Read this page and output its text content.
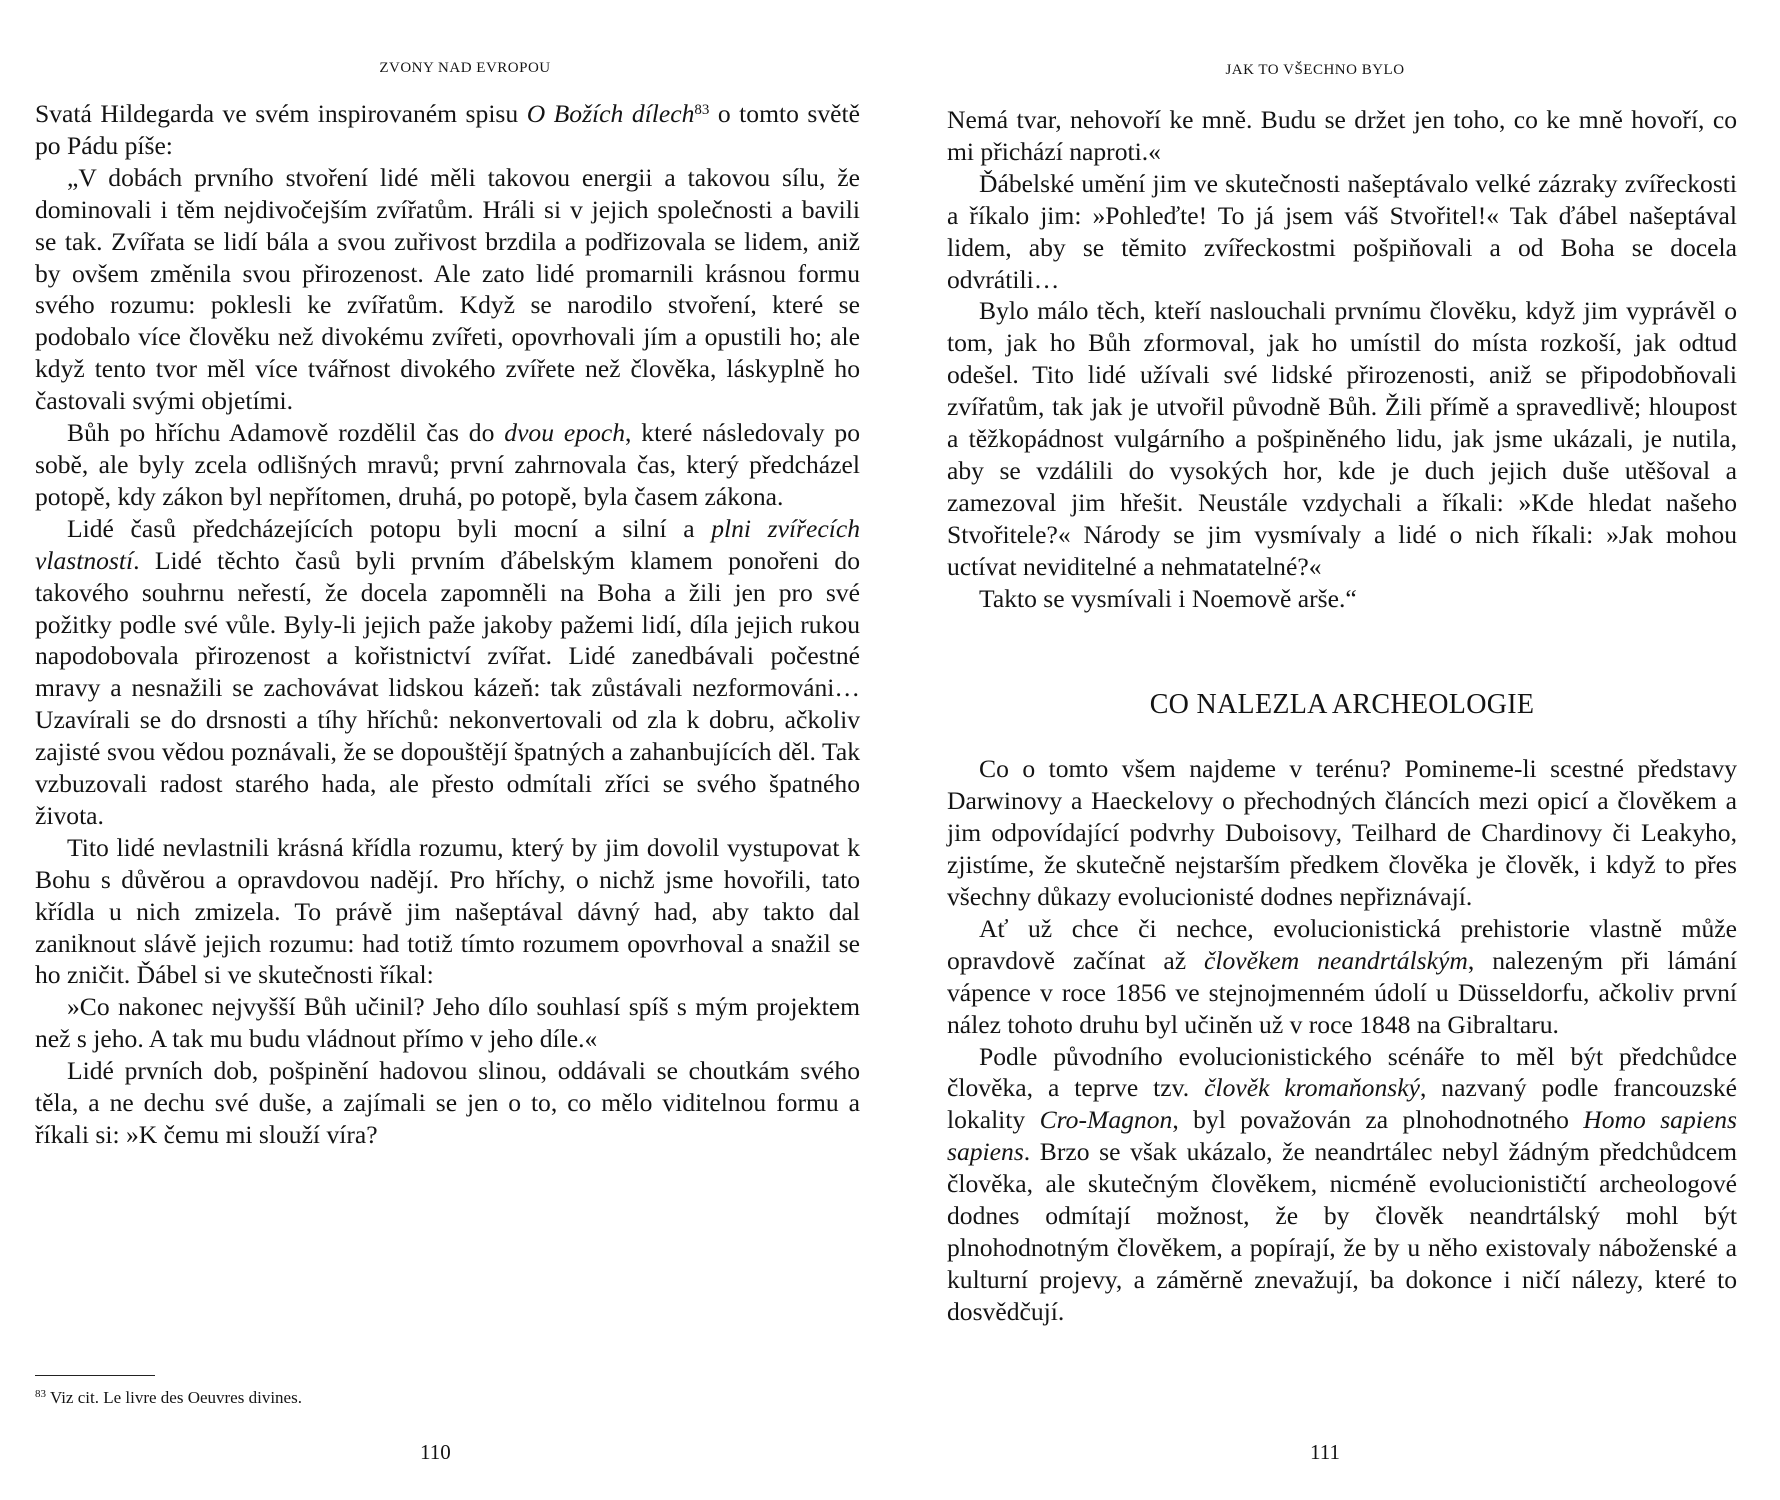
ZVONY NAD EVROPOU

Svatá Hildegarda ve svém inspirovaném spisu O Božích dílech$^{83}$ o tomto světě po Pádu píše:

„V dobách prvního stvoření lidé měli takovou energii a takovou sílu, že dominovali i těm nejdivočejším zvířatům. Hráli si v jejich společnosti a bavili se tak. Zvířata se lidí bála a svou zuřivost brzdila a podřizovala se lidem, aniž by ovšem změnila svou přirozenost. Ale zato lidé promarnili krásnou formu svého rozumu: poklesli ke zvířatům. Když se narodilo stvoření, které se podobalo více člověku než divokému zvířeti, opovrhovali jím a opustili ho; ale když tento tvor měl více tvářnost divokého zvířete než člověka, láskyplně ho častovali svými objetími.

Bůh po hříchu Adamově rozdělil čas do dvou epoch, které následovaly po sobě, ale byly zcela odlišných mravů; první zahrnovala čas, který předcházel potopě, kdy zákon byl nepřítomen, druhá, po potopě, byla časem zákona.

Lidé časů předcházejících potopu byli mocní a silní a plni zvířecích vlastností. Lidé těchto časů byli prvním ďábelským klamem ponořeni do takového souhrnu neřestí, že docela zapomněli na Boha a žili jen pro své požitky podle své vůle. Byly-li jejich paže jakoby pažemi lidí, díla jejich rukou napodobovala přirozenost a kořistnictví zvířat. Lidé zanedbávali počestné mravy a nesnažili se zachovávat lidskou kázeň: tak zůstávali nezformováni… Uzavírali se do drsnosti a tíhy hříchů: nekonvertovali od zla k dobru, ačkoliv zajisté svou vědou poznávali, že se dopouštějí špatných a zahanbujících děl. Tak vzbuzovali radost starého hada, ale přesto odmítali zříci se svého špatného života.

Tito lidé nevlastnili krásná křídla rozumu, který by jim dovolil vystupovat k Bohu s důvěrou a opravdovou nadějí. Pro hříchy, o nichž jsme hovořili, tato křídla u nich zmizela. To právě jim našeptával dávný had, aby takto dal zaniknout slávě jejich rozumu: had totiž tímto rozumem opovrhoval a snažil se ho zničit. Ďábel si ve skutečnosti říkal:

»Co nakonec nejvyšší Bůh učinil? Jeho dílo souhlasí spíš s mým projektem než s jeho. A tak mu budu vládnout přímo v jeho díle.«

Lidé prvních dob, pošpinění hadovou slinou, oddávali se choutkám svého těla, a ne dechu své duše, a zajímali se jen o to, co mělo viditelnou formu a říkali si: »K čemu mi slouží víra?

$^{83}$ Viz cit. Le livre des Oeuvres divines.
110
JAK TO VŠECHNO BYLO

Nemá tvar, nehovoří ke mně. Budu se držet jen toho, co ke mně hovoří, co mi přichází naproti.«

Ďábelské umění jim ve skutečnosti našeptávalo velké zázraky zvířeckosti a říkalo jim: »Pohleďte! To já jsem váš Stvořitel!« Tak ďábel našeptával lidem, aby se těmito zvířeckostmi pošpiňovali a od Boha se docela odvrátili…

Bylo málo těch, kteří naslouchali prvnímu člověku, když jim vyprávěl o tom, jak ho Bůh zformoval, jak ho umístil do místa rozkoší, jak odtud odešel. Tito lidé užívali své lidské přirozenosti, aniž se připodobňovali zvířatům, tak jak je utvořil původně Bůh. Žili přímě a spravedlivě; hloupost a těžkopádnost vulgárního a pošpiněného lidu, jak jsme ukázali, je nutila, aby se vzdálili do vysokých hor, kde je duch jejich duše utěšoval a zamezoval jim hřešit. Neustále vzdychali a říkali: »Kde hledat našeho Stvořitele?« Národy se jim vysmívaly a lidé o nich říkali: »Jak mohou uctívat neviditelné a nehmatatelné?«

Takto se vysmívali i Noemově arše.“

CO NALEZLA ARCHEOLOGIE

Co o tomto všem najdeme v terénu? Pomineme-li scestné představy Darwinovy a Haeckelovy o přechodných článcích mezi opicí a člověkem a jim odpovídající podvrhy Duboisovy, Teilhard de Chardinovy či Leakyho, zjistíme, že skutečně nejstarším předkem člověka je člověk, i když to přes všechny důkazy evolucionisté dodnes nepřiznávají.

Ať už chce či nechce, evolucionistická prehistorie vlastně může opravdově začínat až člověkem neandrtálským, nalezeným při lámání vápence v roce 1856 ve stejnojmenném údolí u Düsseldorfu, ačkoliv první nález tohoto druhu byl učiněn už v roce 1848 na Gibraltaru.

Podle původního evolucionistického scénáře to měl být předchůdce člověka, a teprve tzv. člověk kromaňonský, nazvaný podle francouzské lokality Cro-Magnon, byl považován za plnohodnotného Homo sapiens sapiens. Brzo se však ukázalo, že neandrtálec nebyl žádným předchůdcem člověka, ale skutečným člověkem, nicméně evolucionističtí archeologové dodnes odmítají možnost, že by člověk neandrtálský mohl být plnohodnotným člověkem, a popírají, že by u něho existovaly náboženské a kulturní projevy, a záměrně znevažují, ba dokonce i ničí nálezy, které to dosvědčují.

111
